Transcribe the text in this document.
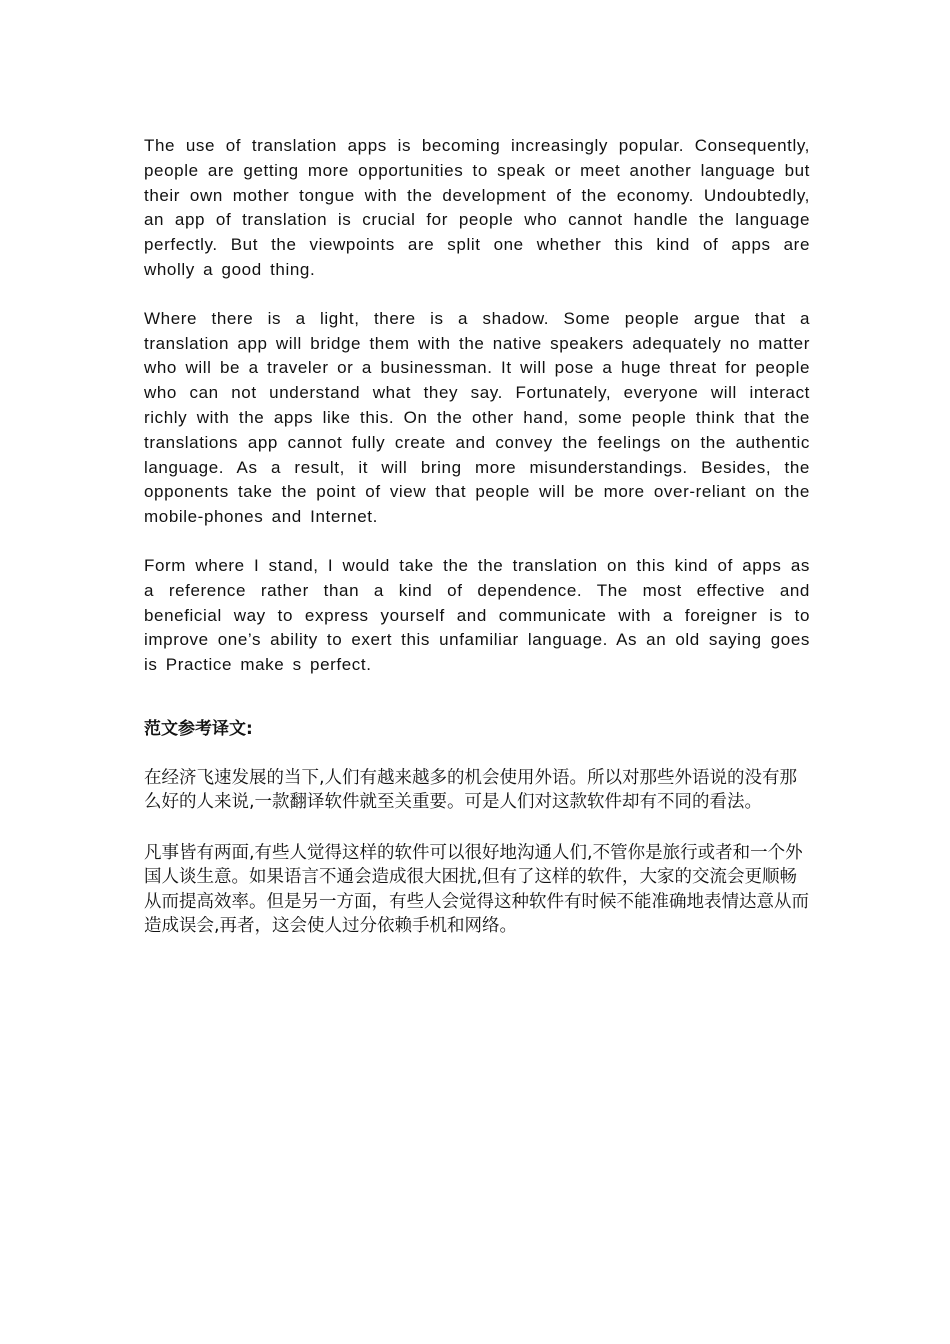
The use of translation apps is becoming increasingly popular. Consequently, people are getting more opportunities to speak or meet another language but their own mother tongue with the development of the economy. Undoubtedly, an app of translation is crucial for people who cannot handle the language perfectly. But the viewpoints are split one whether this kind of apps are wholly a good thing.

Where there is a light, there is a shadow. Some people argue that a translation app will bridge them with the native speakers adequately no matter who will be a traveler or a businessman. It will pose a huge threat for people who can not understand what they say. Fortunately, everyone will interact richly with the apps like this. On the other hand, some people think that the translations app cannot fully create and convey the feelings on the authentic language. As a result, it will bring more misunderstandings. Besides, the opponents take the point of view that people will be more over-reliant on the mobile-phones and Internet.

Form where I stand, I would take the the translation on this kind of apps as a reference rather than a kind of dependence. The most effective and beneficial way to express yourself and communicate with a foreigner is to improve one’s ability to exert this unfamiliar language. As an old saying goes is Practice make s perfect.

范文参考译文:

在经济飞速发展的当下,人们有越来越多的机会使用外语。所以对那些外语说的没有那么好的人来说,一款翻译软件就至关重要。可是人们对这款软件却有不同的看法。

凡事皆有两面,有些人觉得这样的软件可以很好地沟通人们,不管你是旅行或者和一个外国人谈生意。如果语言不通会造成很大困扰,但有了这样的软件，大家的交流会更顺畅从而提高效率。但是另一方面，有些人会觉得这种软件有时候不能准确地表情达意从而造成误会,再者，这会使人过分依赖手机和网络。
